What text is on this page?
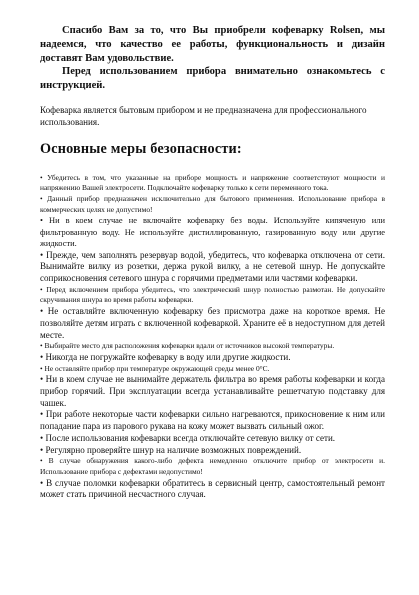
Спасибо Вам за то, что Вы приобрели кофеварку Rolsen, мы надеемся, что качество ее работы, функциональность и дизайн доставят Вам удовольствие.

Перед использованием прибора внимательно ознакомьтесь с инструкцией.

Кофеварка является бытовым прибором и не предназначена для профессионального использования.

Основные меры безопасности:
• Убедитесь в том, что указанные на приборе мощность и напряжение соответствуют мощности и напряжению Вашей электросети. Подключайте кофеварку только к сети переменного тока.
• Данный прибор предназначен исключительно для бытового применения. Использование прибора в коммерческих целях не допустимо!
• Ни в коем случае не включайте кофеварку без воды. Используйте кипяченую или фильтрованную воду. Не используйте дистиллированную, газированную воду или другие жидкости.
• Прежде, чем заполнять резервуар водой, убедитесь, что кофеварка отключена от сети. Вынимайте вилку из розетки, держа рукой вилку, а не сетевой шнур. Не допускайте соприкосновения сетевого шнура с горячими предметами или частями кофеварки.
• Перед включением прибора убедитесь, что электрический шнур полностью размотан. Не допускайте скручивания шнура во время работы кофеварки.
• Не оставляйте включенную кофеварку без присмотра даже на короткое время. Не позволяйте детям играть с включенной кофеваркой. Храните её в недоступном для детей месте.
• Выбирайте место для расположения кофеварки вдали от источников высокой температуры.
• Никогда не погружайте кофеварку в воду или другие жидкости.
• Не оставляйте прибор при температуре окружающей среды менее 0°С.
• Ни в коем случае не вынимайте держатель фильтра во время работы кофеварки и когда прибор горячий. При эксплуатации всегда устанавливайте решетчатую подставку для чашек.
• При работе некоторые части кофеварки сильно нагреваются, прикосновение к ним или попадание пара из парового рукава на кожу может вызвать сильный ожог.
• После использования кофеварки всегда отключайте сетевую вилку от сети.
• Регулярно проверяйте шнур на наличие возможных повреждений.
• В случае обнаружения какого-либо дефекта немедленно отключите прибор от электросети и. Использование прибора с дефектами недопустимо!
• В случае поломки кофеварки обратитесь в сервисный центр, самостоятельный ремонт может стать причиной несчастного случая.
